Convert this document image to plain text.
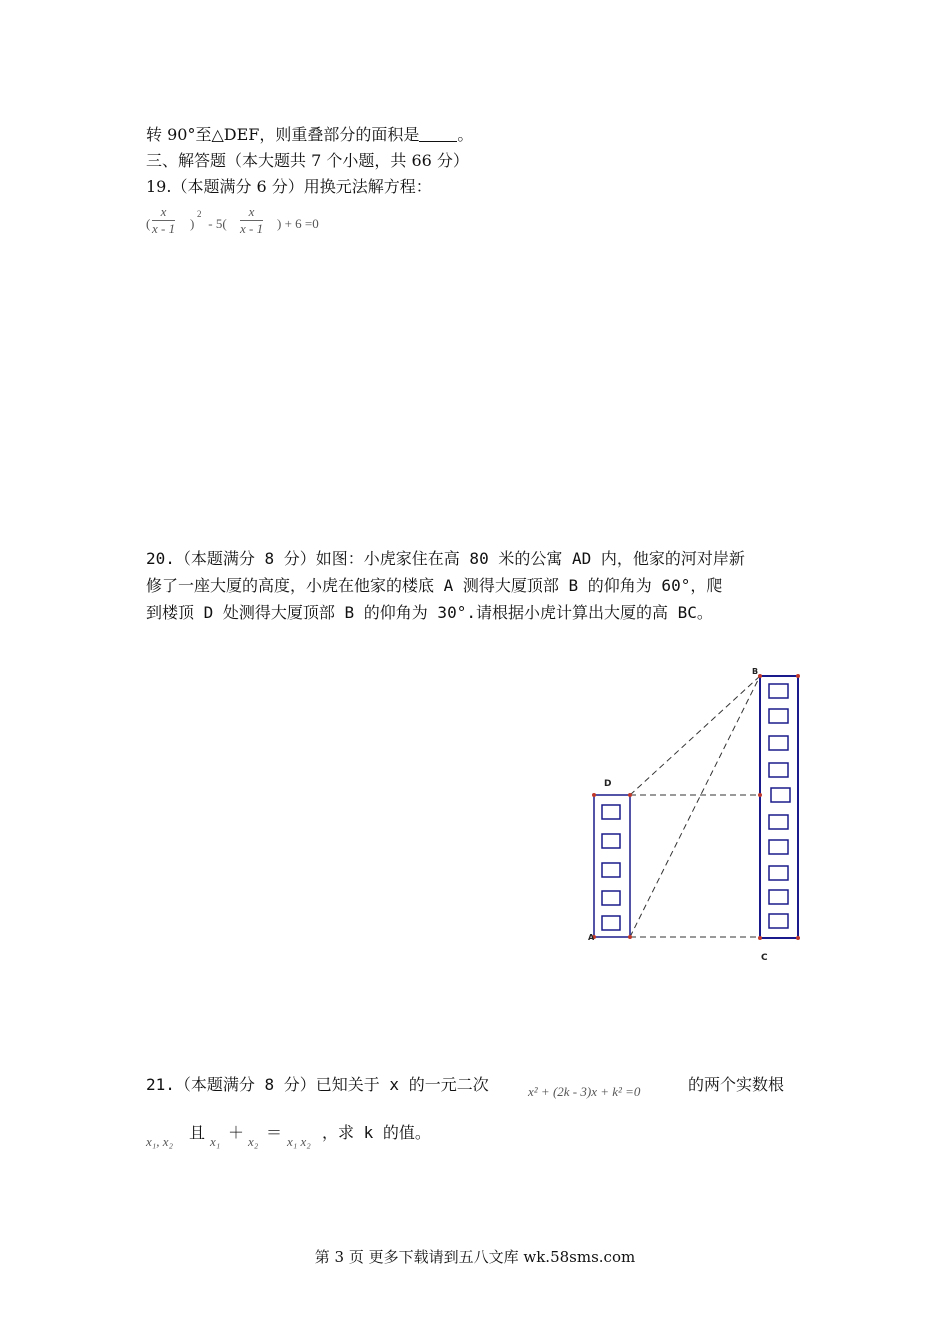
转 90°至△DEF，则重叠部分的面积是 。
三、解答题（本大题共 7 个小题，共 66 分）
19.（本题满分 6 分）用换元法解方程：
(
x
x - 1 )
2
- 5(
x
x - 1 ) + 6 =0
20.（本题满分 8 分）如图：小虎家住在高 80 米的公寓 AD 内，他家的河对岸新
修了一座大厦的高度，小虎在他家的楼底 A 测得大厦顶部 B 的仰角为 60°，爬
到楼顶 D 处测得大厦顶部 B 的仰角为 30°.请根据小虎计算出大厦的高 BC。
B
D
A
C
21.（本题满分 8 分）已知关于 x 的一元二次	x² + (2k - 3)x + k² =0	的两个实数根
x₁, x₂ 且 x₁ ＋ x₂ ＝ x₁ x₂ ，求 k 的值。
第 3 页 更多下载请到五八文库 wk.58sms.com
